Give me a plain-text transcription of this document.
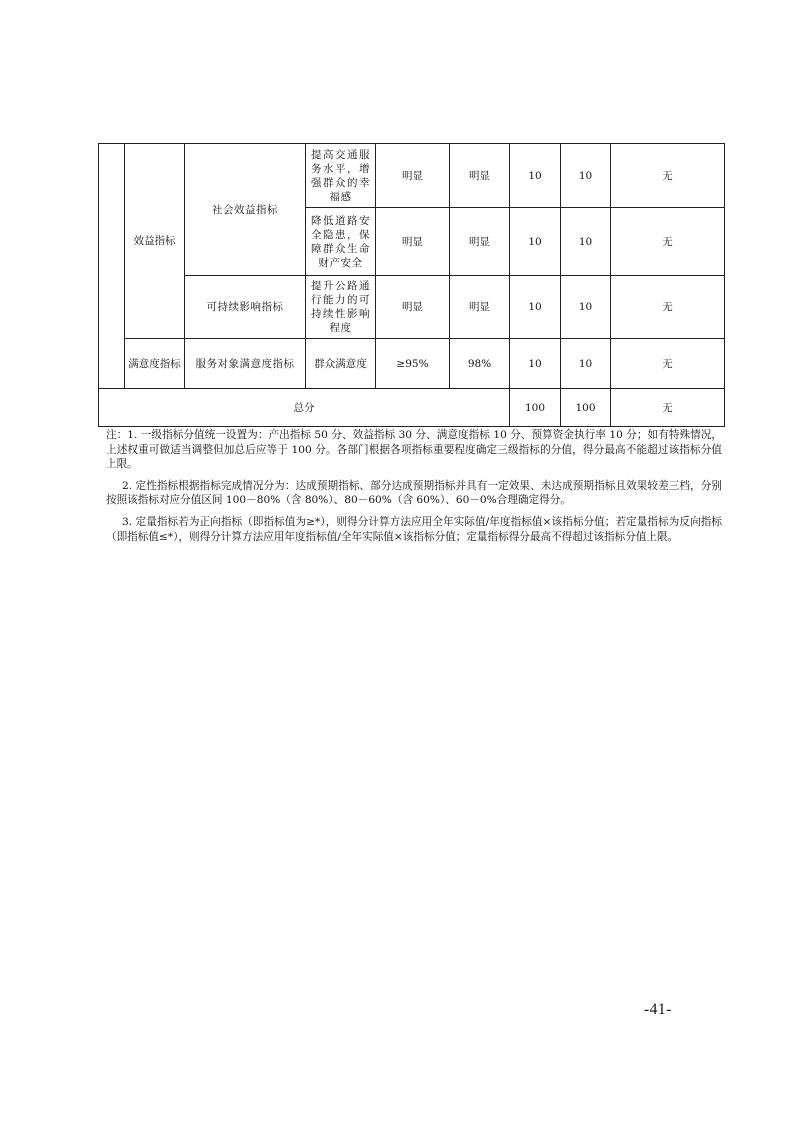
	效益指标	社会效益指标	提高交通服务水平，增强群众的幸福感	明显	明显	10	10	无
			降低道路安全隐患，保障群众生命财产安全	明显	明显	10	10	无
		可持续影响指标	提升公路通行能力的可持续性影响程度	明显	明显	10	10	无
	满意度指标	服务对象满意度指标	群众满意度	≥95%	98%	10	10	无
总分						100	100	无

注：1. 一级指标分值统一设置为：产出指标 50 分、效益指标 30 分、满意度指标 10 分、预算资金执行率 10 分；如有特殊情况，上述权重可做适当调整但加总后应等于 100 分。各部门根据各项指标重要程度确定三级指标的分值，得分最高不能超过该指标分值上限。

2. 定性指标根据指标完成情况分为：达成预期指标、部分达成预期指标并具有一定效果、未达成预期指标且效果较差三档，分别按照该指标对应分值区间 100－80%（含 80%）、80－60%（含 60%）、60－0%合理确定得分。

3. 定量指标若为正向指标（即指标值为≥*），则得分计算方法应用全年实际值/年度指标值×该指标分值；若定量指标为反向指标（即指标值≤*），则得分计算方法应用年度指标值/全年实际值×该指标分值；定量指标得分最高不得超过该指标分值上限。

-41-
